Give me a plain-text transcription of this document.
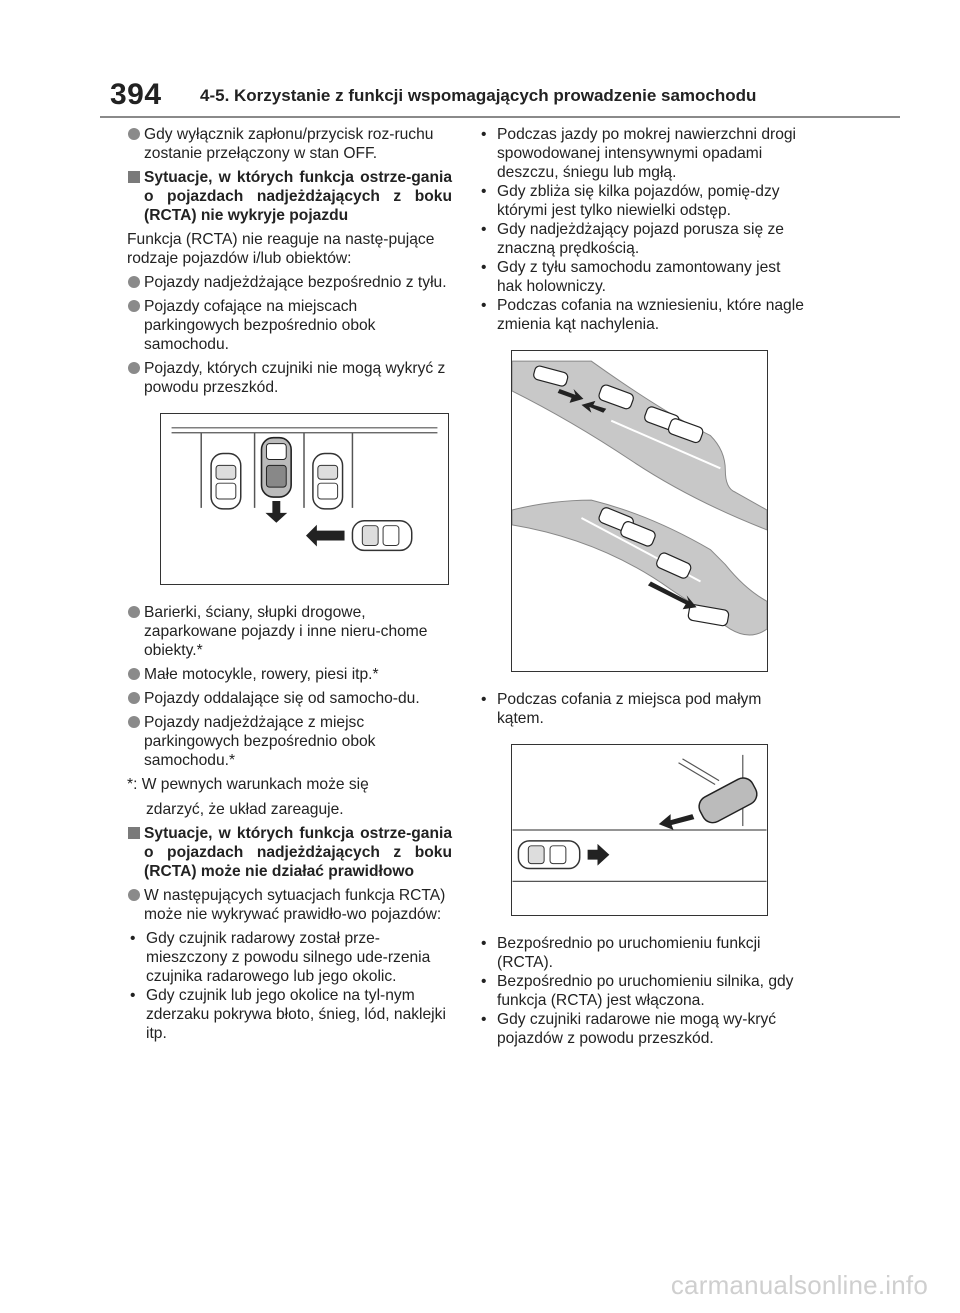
394 4-5. Korzystanie z funkcji wspomagających prowadzenie samochodu
Gdy wyłącznik zapłonu/przycisk roz-ruchu zostanie przełączony w stan OFF.
Sytuacje, w których funkcja ostrze-gania o pojazdach nadjeżdżających z boku (RCTA) nie wykryje pojazdu
Funkcja (RCTA) nie reaguje na nastę-pujące rodzaje pojazdów i/lub obiektów:
Pojazdy nadjeżdżające bezpośrednio z tyłu.
Pojazdy cofające na miejscach parkingowych bezpośrednio obok samochodu.
Pojazdy, których czujniki nie mogą wykryć z powodu przeszkód.
Barierki, ściany, słupki drogowe, zaparkowane pojazdy i inne nieru-chome obiekty.*
Małe motocykle, rowery, piesi itp.*
Pojazdy oddalające się od samocho-du.
Pojazdy nadjeżdżające z miejsc parkingowych bezpośrednio obok samochodu.*
*: W pewnych warunkach może się
zdarzyć, że układ zareaguje.
Sytuacje, w których funkcja ostrze-gania o pojazdach nadjeżdżających z boku (RCTA) może nie działać prawidłowo
W następujących sytuacjach funkcja RCTA) może nie wykrywać prawidło-wo pojazdów:
• Gdy czujnik radarowy został prze-mieszczony z powodu silnego ude-rzenia czujnika radarowego lub jego okolic.
• Gdy czujnik lub jego okolice na tyl-nym zderzaku pokrywa błoto, śnieg, lód, naklejki itp.
• Podczas jazdy po mokrej nawierzchni drogi spowodowanej intensywnymi opadami deszczu, śniegu lub mgłą.
• Gdy zbliża się kilka pojazdów, pomię-dzy którymi jest tylko niewielki odstęp.
• Gdy nadjeżdżający pojazd porusza się ze znaczną prędkością.
• Gdy z tyłu samochodu zamontowany jest hak holowniczy.
• Podczas cofania na wzniesieniu, które nagle zmienia kąt nachylenia.
• Podczas cofania z miejsca pod małym kątem.
• Bezpośrednio po uruchomieniu funkcji (RCTA).
• Bezpośrednio po uruchomieniu silnika, gdy funkcja (RCTA) jest włączona.
• Gdy czujniki radarowe nie mogą wy-kryć pojazdów z powodu przeszkód.
carmanualsonline.info
